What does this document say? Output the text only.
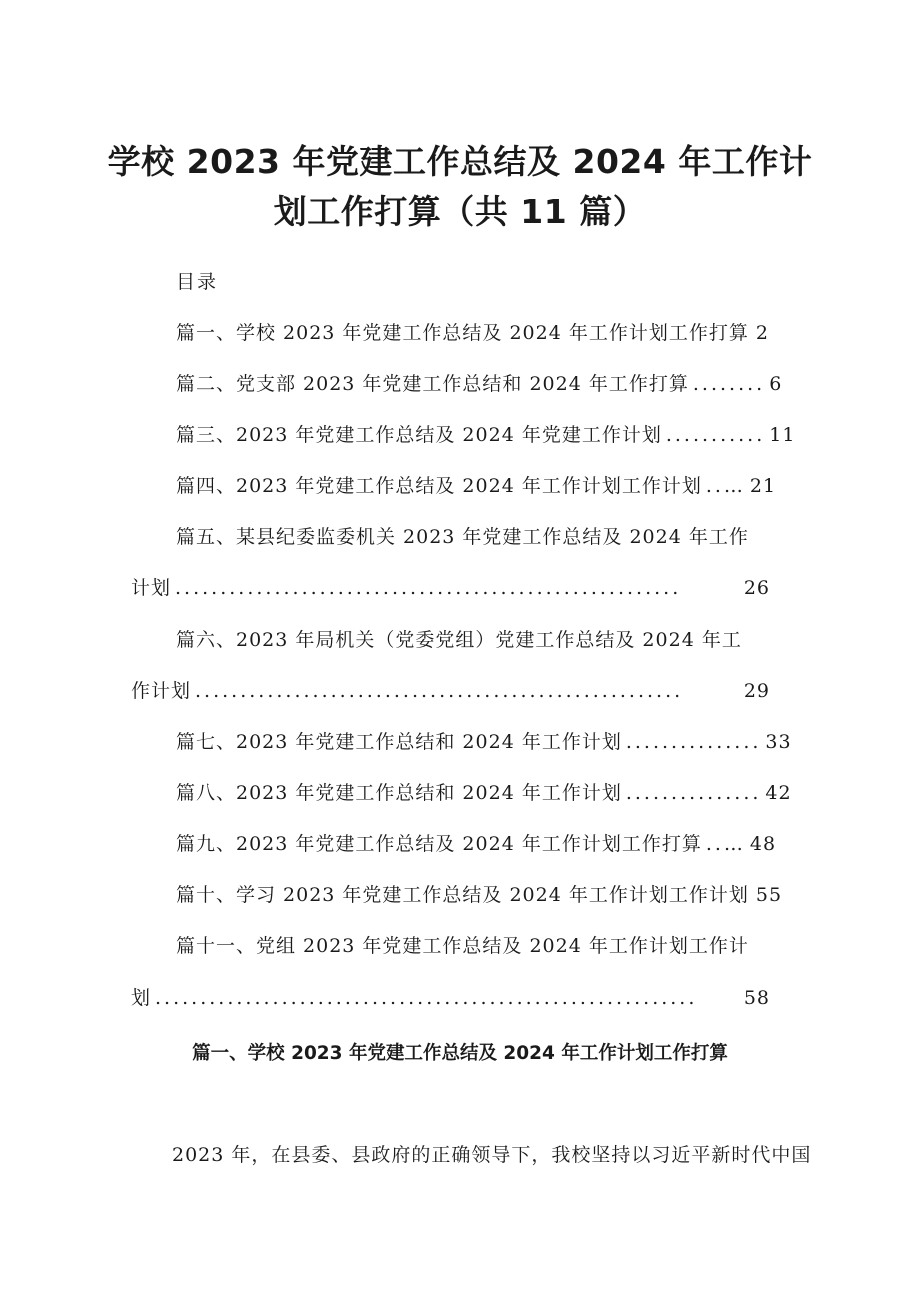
学校 2023 年党建工作总结及 2024 年工作计
划工作打算（共 11 篇）
目录
篇一、学校 2023 年党建工作总结及 2024 年工作计划工作打算 2
篇二、党支部 2023 年党建工作总结和 2024 年工作打算 ........ 6
篇三、2023 年党建工作总结及 2024 年党建工作计划 ........... 11
篇四、2023 年党建工作总结及 2024 年工作计划工作计划 ..… 21
篇五、某县纪委监委机关 2023 年党建工作总结及 2024 年工作
计划 ........................................................	26
篇六、2023 年局机关（党委党组）党建工作总结及 2024 年工
作计划 ......................................................	29
篇七、2023 年党建工作总结和 2024 年工作计划 ............... 33
篇八、2023 年党建工作总结和 2024 年工作计划 ............... 42
篇九、2023 年党建工作总结及 2024 年工作计划工作打算 ..… 48
篇十、学习 2023 年党建工作总结及 2024 年工作计划工作计划 55
篇十一、党组 2023 年党建工作总结及 2024 年工作计划工作计
划 ............................................................	58
篇一、学校 2023 年党建工作总结及 2024 年工作计划工作打算
2023 年，在县委、县政府的正确领导下，我校坚持以习近平新时代中国
